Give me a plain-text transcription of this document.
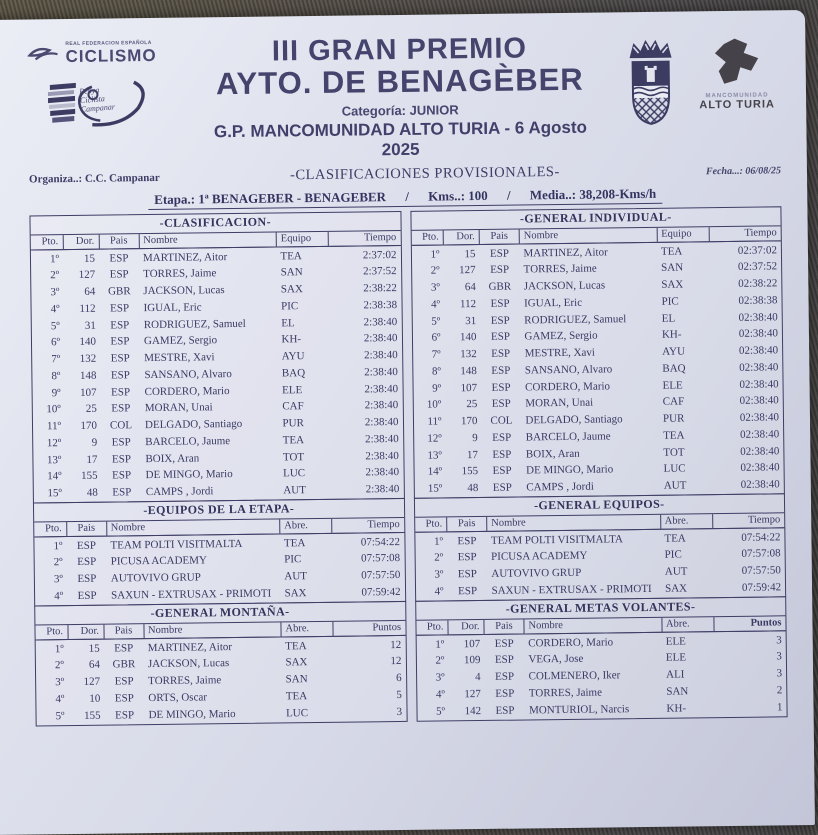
REAL FEDERACION ESPAÑOLA
CICLISMO
Penya
Ciclista
Campanar
III GRAN PREMIO
AYTO. DE BENAGÈBER
Categoría: JUNIOR
G.P. MANCOMUNIDAD ALTO TURIA - 6 Agosto 2025
MANCOMUNIDAD
ALTO TURIA
Organiza..: C.C. Campanar	-CLASIFICACIONES PROVISIONALES-	Fecha...: 06/08/25
Etapa.: 1ª BENAGEBER - BENAGEBER / Kms..: 100 / Media..: 38,208-Kms/h
-CLASIFICACION-
Pto.	Dor.	Pais	Nombre	Equipo	Tiempo
1º	15	ESP	MARTINEZ, Aitor	TEA	2:37:02
2º	127	ESP	TORRES, Jaime	SAN	2:37:52
3º	64	GBR	JACKSON, Lucas	SAX	2:38:22
4º	112	ESP	IGUAL, Eric	PIC	2:38:38
5º	31	ESP	RODRIGUEZ, Samuel	EL	2:38:40
6º	140	ESP	GAMEZ, Sergio	KH-	2:38:40
7º	132	ESP	MESTRE, Xavi	AYU	2:38:40
8º	148	ESP	SANSANO, Alvaro	BAQ	2:38:40
9º	107	ESP	CORDERO, Mario	ELE	2:38:40
10º	25	ESP	MORAN, Unai	CAF	2:38:40
11º	170	COL	DELGADO, Santiago	PUR	2:38:40
12º	9	ESP	BARCELO, Jaume	TEA	2:38:40
13º	17	ESP	BOIX, Aran	TOT	2:38:40
14º	155	ESP	DE MINGO, Mario	LUC	2:38:40
15º	48	ESP	CAMPS , Jordi	AUT	2:38:40
-EQUIPOS DE LA ETAPA-
Pto.	Pais	Nombre	Abre.	Tiempo
1º	ESP	TEAM POLTI VISITMALTA	TEA	07:54:22
2º	ESP	PICUSA ACADEMY	PIC	07:57:08
3º	ESP	AUTOVIVO GRUP	AUT	07:57:50
4º	ESP	SAXUN - EXTRUSAX - PRIMOTI	SAX	07:59:42
-GENERAL MONTAÑA-
Pto.	Dor.	Pais	Nombre	Abre.	Puntos
1º	15	ESP	MARTINEZ, Aitor	TEA	12
2º	64	GBR	JACKSON, Lucas	SAX	12
3º	127	ESP	TORRES, Jaime	SAN	6
4º	10	ESP	ORTS, Oscar	TEA	5
5º	155	ESP	DE MINGO, Mario	LUC	3
-GENERAL INDIVIDUAL-
Pto.	Dor.	Pais	Nombre	Equipo	Tiempo
1º	15	ESP	MARTINEZ, Aitor	TEA	02:37:02
2º	127	ESP	TORRES, Jaime	SAN	02:37:52
3º	64	GBR	JACKSON, Lucas	SAX	02:38:22
4º	112	ESP	IGUAL, Eric	PIC	02:38:38
5º	31	ESP	RODRIGUEZ, Samuel	EL	02:38:40
6º	140	ESP	GAMEZ, Sergio	KH-	02:38:40
7º	132	ESP	MESTRE, Xavi	AYU	02:38:40
8º	148	ESP	SANSANO, Alvaro	BAQ	02:38:40
9º	107	ESP	CORDERO, Mario	ELE	02:38:40
10º	25	ESP	MORAN, Unai	CAF	02:38:40
11º	170	COL	DELGADO, Santiago	PUR	02:38:40
12º	9	ESP	BARCELO, Jaume	TEA	02:38:40
13º	17	ESP	BOIX, Aran	TOT	02:38:40
14º	155	ESP	DE MINGO, Mario	LUC	02:38:40
15º	48	ESP	CAMPS , Jordi	AUT	02:38:40
-GENERAL EQUIPOS-
Pto.	Pais	Nombre	Abre.	Tiempo
1º	ESP	TEAM POLTI VISITMALTA	TEA	07:54:22
2º	ESP	PICUSA ACADEMY	PIC	07:57:08
3º	ESP	AUTOVIVO GRUP	AUT	07:57:50
4º	ESP	SAXUN - EXTRUSAX - PRIMOTI	SAX	07:59:42
-GENERAL METAS VOLANTES-
Pto.	Dor.	Pais	Nombre	Abre.	Puntos
1º	107	ESP	CORDERO, Mario	ELE	3
2º	109	ESP	VEGA, Jose	ELE	3
3º	4	ESP	COLMENERO, Iker	ALI	3
4º	127	ESP	TORRES, Jaime	SAN	2
5º	142	ESP	MONTURIOL, Narcis	KH-	1
